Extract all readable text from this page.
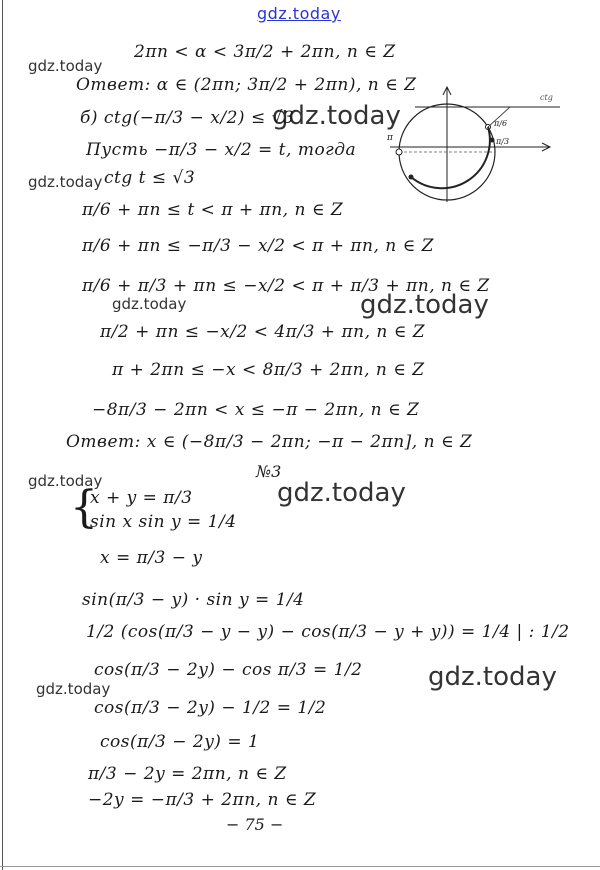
gdz.today
gdz.today
gdz.today
gdz.today
gdz.today	gdz.today
gdz.today	gdz.today
gdz.today
gdz.today
2πn < α < 3π/2 + 2πn, n ∈ Z
Ответ: α ∈ (2πn; 3π/2 + 2πn), n ∈ Z
б) ctg(−π/3 − x/2) ≤ √3
Пусть −π/3 − x/2 = t, тогда
ctg t ≤ √3
π/6 + πn ≤ t < π + πn, n ∈ Z
π/6 + πn ≤ −π/3 − x/2 < π + πn, n ∈ Z
π/6 + π/3 + πn ≤ −x/2 < π + π/3 + πn, n ∈ Z
π/2 + πn ≤ −x/2 < 4π/3 + πn, n ∈ Z
π + 2πn ≤ −x < 8π/3 + 2πn, n ∈ Z
−8π/3 − 2πn < x ≤ −π − 2πn, n ∈ Z
Ответ: x ∈ (−8π/3 − 2πn; −π − 2πn], n ∈ Z
№3
{
x + y = π/3
sin x sin y = 1/4
x = π/3 − y
sin(π/3 − y) · sin y = 1/4
1/2 (cos(π/3 − y − y) − cos(π/3 − y + y)) = 1/4 | : 1/2
cos(π/3 − 2y) − cos π/3 = 1/2
cos(π/3 − 2y) − 1/2 = 1/2
cos(π/3 − 2y) = 1
π/3 − 2y = 2πn, n ∈ Z
−2y = −π/3 + 2πn, n ∈ Z
− 75 −
π
π/6
π/3
ctg
